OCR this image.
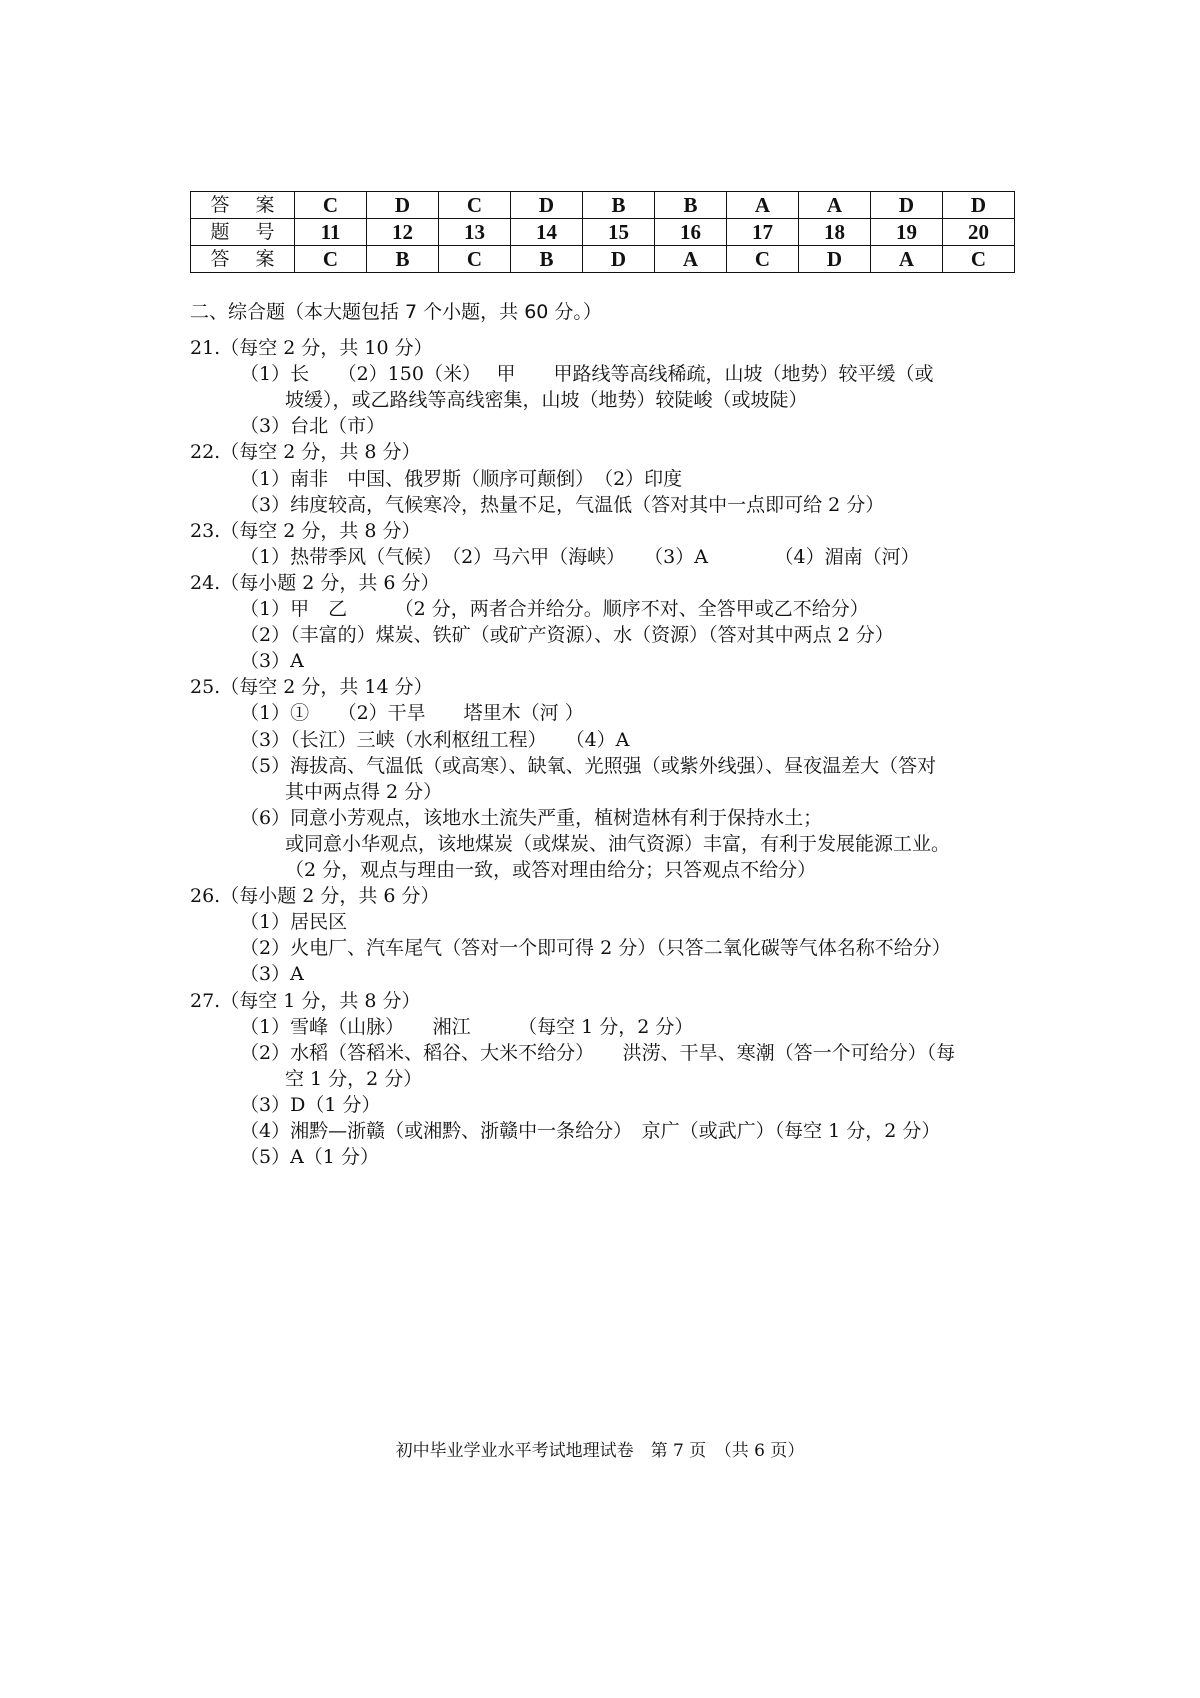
答 案	C	D	C	D	B	B	A	A	D	D
题 号	11	12	13	14	15	16	17	18	19	20
答 案	C	B	C	B	D	A	C	D	A	C
二、综合题（本大题包括 7 个小题，共 60 分。）
21.（每空 2 分，共 10 分）
（1）长　　（2）150（米）　 甲　　甲路线等高线稀疏，山坡（地势）较平缓（或
坡缓），或乙路线等高线密集，山坡（地势）较陡峻（或坡陡）
（3）台北（市）
22.（每空 2 分，共 8 分）
（1）南非　中国、俄罗斯（顺序可颠倒）　（2）印度
（3）纬度较高，气候寒冷，热量不足，气温低（答对其中一点即可给 2 分）
23.（每空 2 分，共 8 分）
（1）热带季风（气候）　（2）马六甲（海峡）　　（3）A　　　　（4）湄南（河）
24.（每小题 2 分，共 6 分）
（1）甲　乙　　　（2 分，两者合并给分。顺序不对、全答甲或乙不给分）
（2）（丰富的）煤炭、铁矿（或矿产资源）、水（资源）（答对其中两点 2 分）
（3）A
25.（每空 2 分，共 14 分）
（1）①　　（2）干旱　　塔里木（河 ）
（3）（长江）三峡（水利枢纽工程）　　（4）A
（5）海拔高、气温低（或高寒）、缺氧、光照强（或紫外线强）、昼夜温差大（答对
其中两点得 2 分）
（6）同意小芳观点，该地水土流失严重，植树造林有利于保持水土；
或同意小华观点，该地煤炭（或煤炭、油气资源）丰富，有利于发展能源工业。
（2 分，观点与理由一致，或答对理由给分；只答观点不给分）
26.（每小题 2 分，共 6 分）
（1）居民区
（2）火电厂、汽车尾气（答对一个即可得 2 分）（只答二氧化碳等气体名称不给分）
（3）A
27.（每空 1 分，共 8 分）
（1）雪峰（山脉）　　湘江　　　（每空 1 分，2 分）
（2）水稻（答稻米、稻谷、大米不给分）　　洪涝、干旱、寒潮（答一个可给分）（每
空 1 分，2 分）
（3）D（1 分）
（4）湘黔—浙赣（或湘黔、浙赣中一条给分）　京广（或武广）（每空 1 分，2 分）
（5）A（1 分）
初中毕业学业水平考试地理试卷　第 7 页　（共 6 页）
